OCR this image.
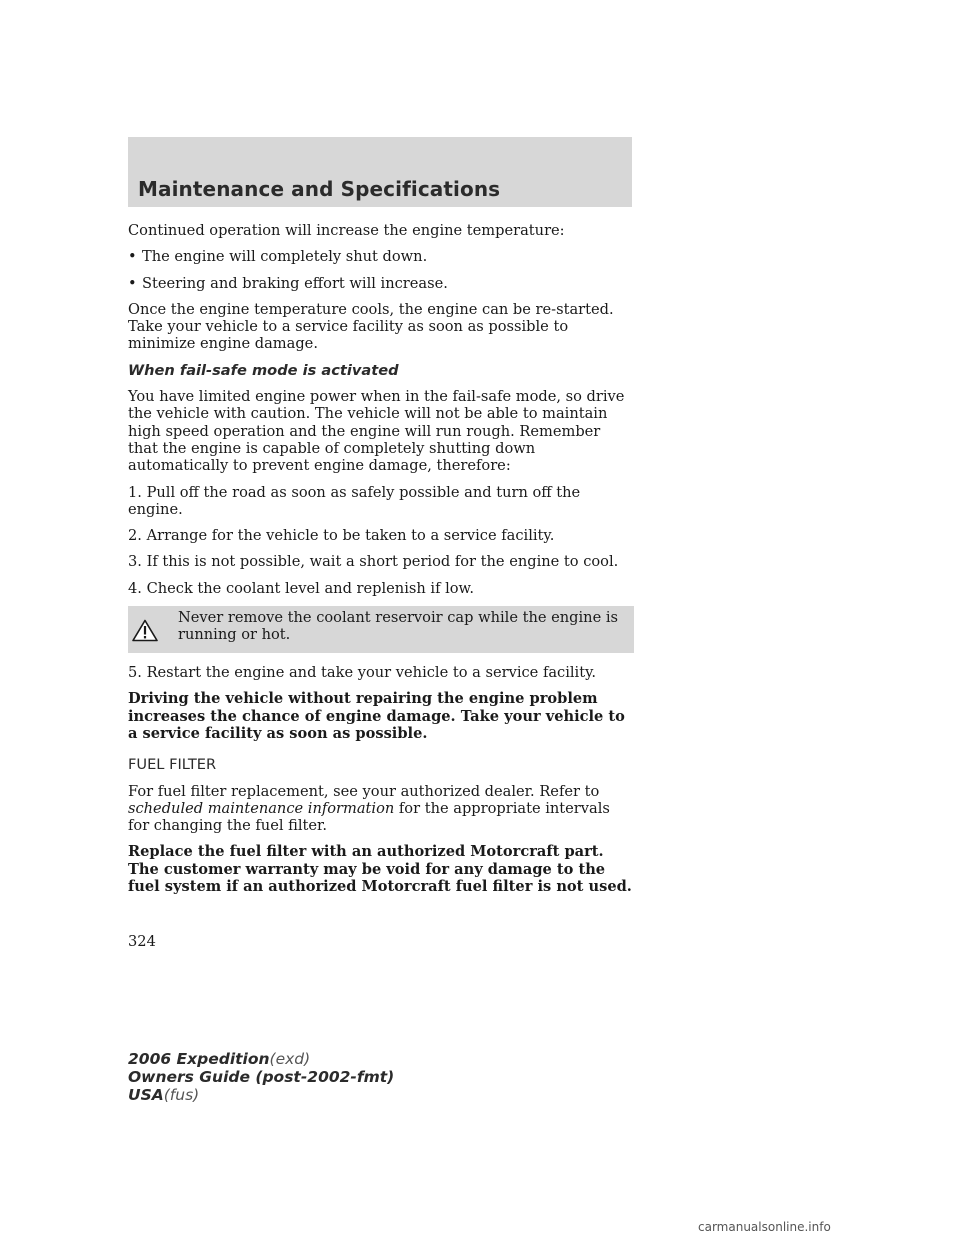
Maintenance and Specifications

Continued operation will increase the engine temperature:

• The engine will completely shut down.
• Steering and braking effort will increase.

Once the engine temperature cools, the engine can be re-started. Take your vehicle to a service facility as soon as possible to minimize engine damage.

When fail-safe mode is activated

You have limited engine power when in the fail-safe mode, so drive the vehicle with caution. The vehicle will not be able to maintain high speed operation and the engine will run rough. Remember that the engine is capable of completely shutting down automatically to prevent engine damage, therefore:

1. Pull off the road as soon as safely possible and turn off the engine.

2. Arrange for the vehicle to be taken to a service facility.

3. If this is not possible, wait a short period for the engine to cool.

4. Check the coolant level and replenish if low.

Never remove the coolant reservoir cap while the engine is running or hot.

5. Restart the engine and take your vehicle to a service facility.

Driving the vehicle without repairing the engine problem increases the chance of engine damage. Take your vehicle to a service facility as soon as possible.

FUEL FILTER

For fuel filter replacement, see your authorized dealer. Refer to scheduled maintenance information for the appropriate intervals for changing the fuel filter.

Replace the fuel filter with an authorized Motorcraft part. The customer warranty may be void for any damage to the fuel system if an authorized Motorcraft fuel filter is not used.

324
2006 Expedition(exd)
Owners Guide (post-2002-fmt)
USA(fus)
carmanualsonline.info
